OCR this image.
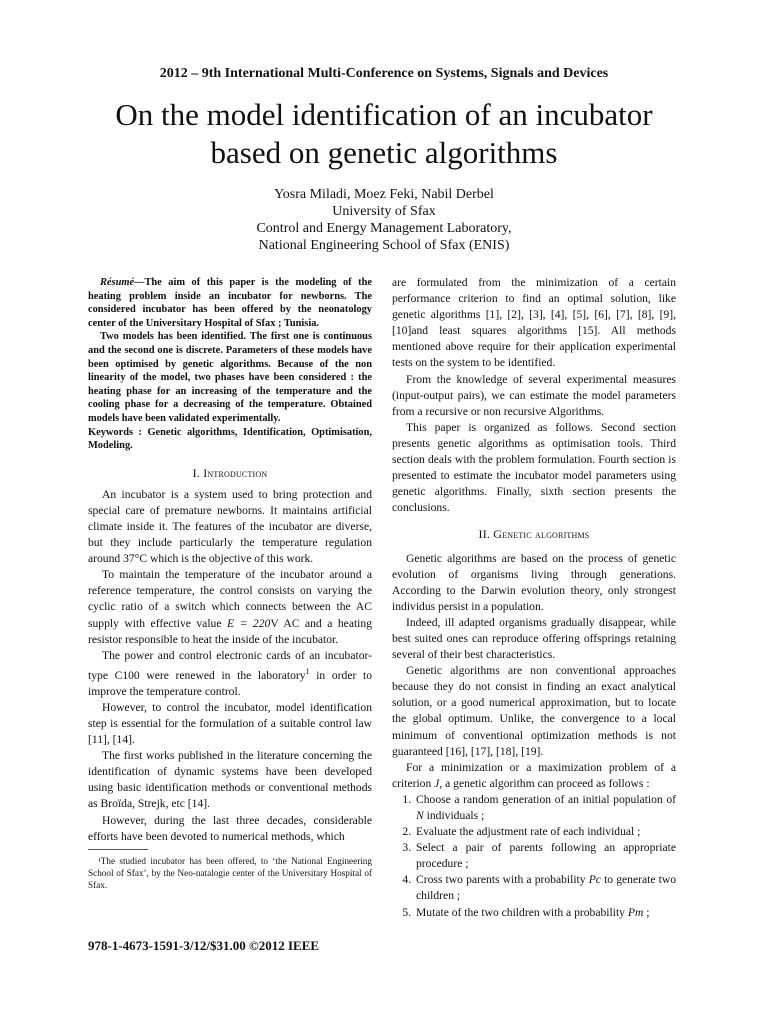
2012 – 9th International Multi-Conference on Systems, Signals and Devices
On the model identification of an incubator
based on genetic algorithms
Yosra Miladi, Moez Feki, Nabil Derbel
University of Sfax
Control and Energy Management Laboratory,
National Engineering School of Sfax (ENIS)

Résumé—The aim of this paper is the modeling of the heating problem inside an incubator for newborns. The considered incubator has been offered by the neonatology center of the Universitary Hospital of Sfax ; Tunisia.

Two models has been identified. The first one is continuous and the second one is discrete. Parameters of these models have been optimised by genetic algorithms. Because of the non linearity of the model, two phases have been considered : the heating phase for an increasing of the temperature and the cooling phase for a decreasing of the temperature. Obtained models have been validated experimentally.

Keywords : Genetic algorithms, Identification, Optimisation, Modeling.

I. Introduction

An incubator is a system used to bring protection and special care of premature newborns. It maintains artificial climate inside it. The features of the incubator are diverse, but they include particularly the temperature regulation around 37°C which is the objective of this work.

To maintain the temperature of the incubator around a reference temperature, the control consists on varying the cyclic ratio of a switch which connects between the AC supply with effective value E = 220V AC and a heating resistor responsible to heat the inside of the incubator.

The power and control electronic cards of an incubator-type C100 were renewed in the laboratory$^1$ in order to improve the temperature control.

However, to control the incubator, model identification step is essential for the formulation of a suitable control law [11], [14].

The first works published in the literature concerning the identification of dynamic systems have been developed using basic identification methods or conventional methods as Broïda, Strejk, etc [14].

However, during the last three decades, considerable efforts have been devoted to numerical methods, which

¹The studied incubator has been offered, to ‘the National Engineering School of Sfax’, by the Neo-natalogie center of the Universitary Hospital of Sfax.
978-1-4673-1591-3/12/$31.00 ©2012 IEEE

are formulated from the minimization of a certain performance criterion to find an optimal solution, like genetic algorithms [1], [2], [3], [4], [5], [6], [7], [8], [9], [10]and least squares algorithms [15]. All methods mentioned above require for their application experimental tests on the system to be identified.

From the knowledge of several experimental measures (input-output pairs), we can estimate the model parameters from a recursive or non recursive Algorithms.

This paper is organized as follows. Second section presents genetic algorithms as optimisation tools. Third section deals with the problem formulation. Fourth section is presented to estimate the incubator model parameters using genetic algorithms. Finally, sixth section presents the conclusions.

II. Genetic algorithms

Genetic algorithms are based on the process of genetic evolution of organisms living through generations. According to the Darwin evolution theory, only strongest individus persist in a population.

Indeed, ill adapted organisms gradually disappear, while best suited ones can reproduce offering offsprings retaining several of their best characteristics.

Genetic algorithms are non conventional approaches because they do not consist in finding an exact analytical solution, or a good numerical approximation, but to locate the global optimum. Unlike, the convergence to a local minimum of conventional optimization methods is not guaranteed [16], [17], [18], [19].

For a minimization or a maximization problem of a criterion J, a genetic algorithm can proceed as follows :

1. Choose a random generation of an initial population of N individuals ;
2. Evaluate the adjustment rate of each individual ;
3. Select a pair of parents following an appropriate procedure ;
4. Cross two parents with a probability Pc to generate two children ;
5. Mutate of the two children with a probability Pm ;
